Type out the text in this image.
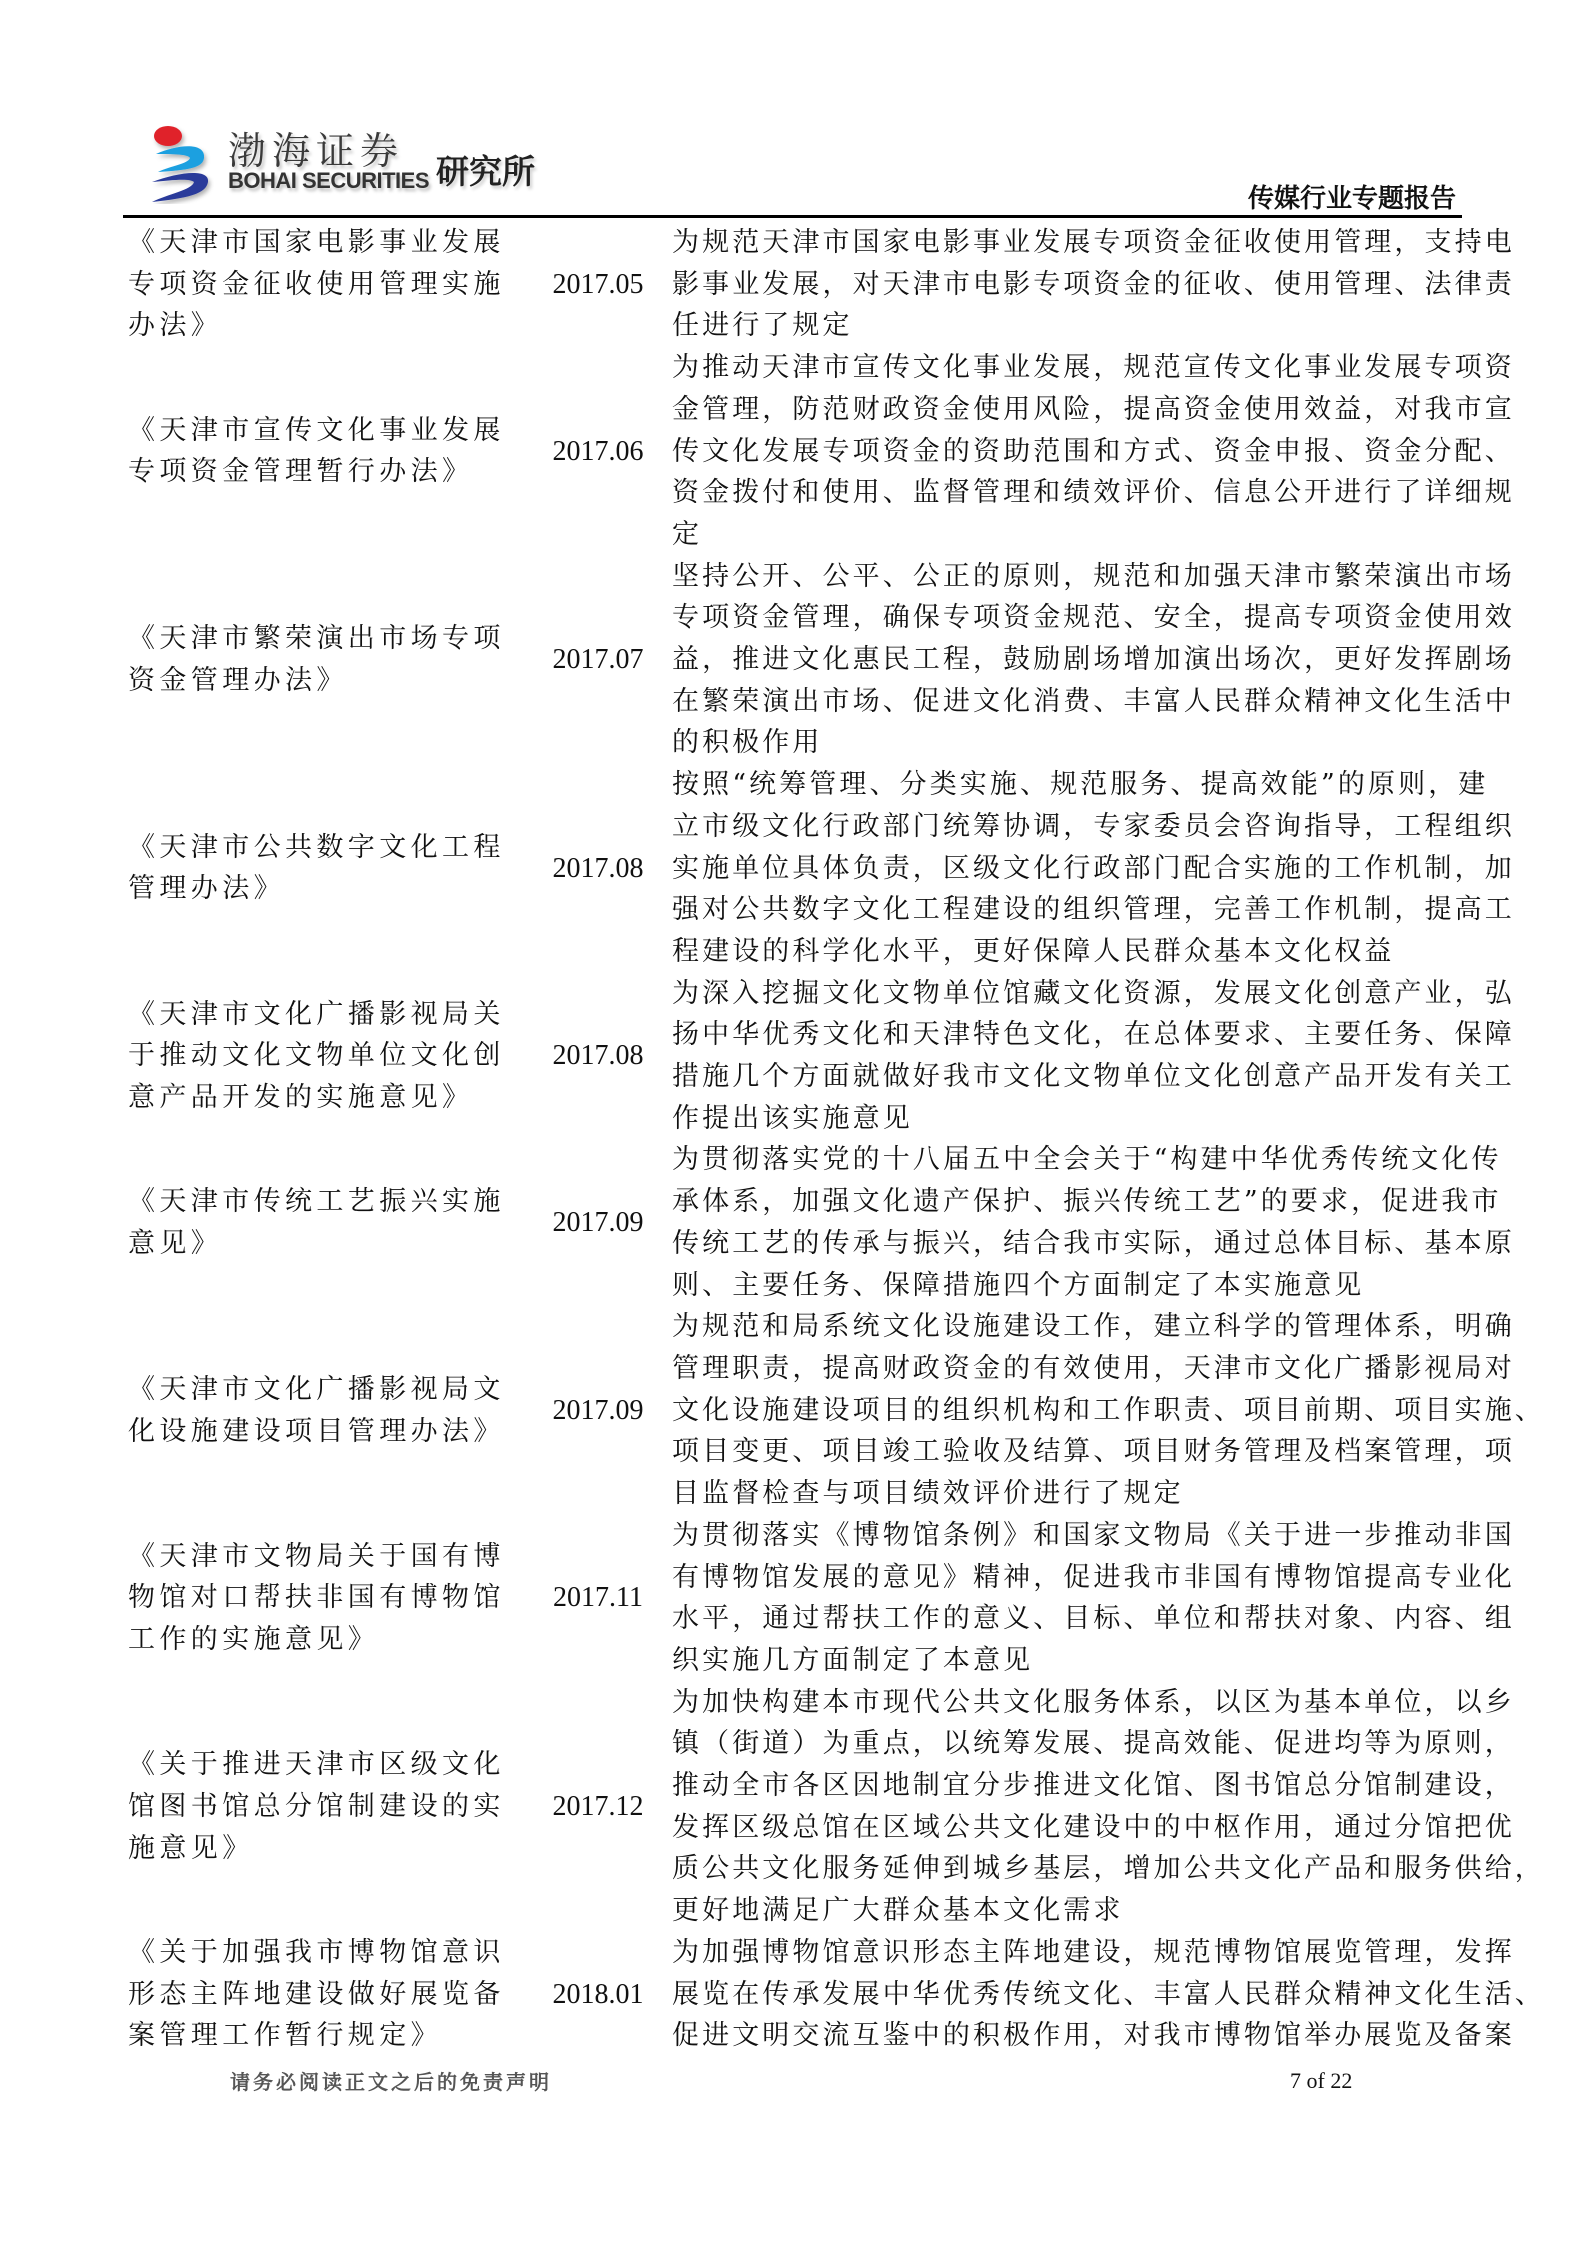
渤海证券
BOHAI SECURITIES 研究所
传媒行业专题报告
《天津市国家电影事业发展
专项资金征收使用管理实施
办法》
2017.05
为规范天津市国家电影事业发展专项资金征收使用管理，支持电
影事业发展，对天津市电影专项资金的征收、使用管理、法律责
任进行了规定
《天津市宣传文化事业发展
专项资金管理暂行办法》
2017.06
为推动天津市宣传文化事业发展，规范宣传文化事业发展专项资
金管理，防范财政资金使用风险，提高资金使用效益，对我市宣
传文化发展专项资金的资助范围和方式、资金申报、资金分配、
资金拨付和使用、监督管理和绩效评价、信息公开进行了详细规
定
《天津市繁荣演出市场专项
资金管理办法》
2017.07
坚持公开、公平、公正的原则，规范和加强天津市繁荣演出市场
专项资金管理，确保专项资金规范、安全，提高专项资金使用效
益，推进文化惠民工程，鼓励剧场增加演出场次，更好发挥剧场
在繁荣演出市场、促进文化消费、丰富人民群众精神文化生活中
的积极作用
《天津市公共数字文化工程
管理办法》
2017.08
按照“统筹管理、分类实施、规范服务、提高效能”的原则，建
立市级文化行政部门统筹协调，专家委员会咨询指导，工程组织
实施单位具体负责，区级文化行政部门配合实施的工作机制，加
强对公共数字文化工程建设的组织管理，完善工作机制，提高工
程建设的科学化水平，更好保障人民群众基本文化权益
《天津市文化广播影视局关
于推动文化文物单位文化创
意产品开发的实施意见》
2017.08
为深入挖掘文化文物单位馆藏文化资源，发展文化创意产业，弘
扬中华优秀文化和天津特色文化，在总体要求、主要任务、保障
措施几个方面就做好我市文化文物单位文化创意产品开发有关工
作提出该实施意见
《天津市传统工艺振兴实施
意见》
2017.09
为贯彻落实党的十八届五中全会关于“构建中华优秀传统文化传
承体系，加强文化遗产保护、振兴传统工艺”的要求，促进我市
传统工艺的传承与振兴，结合我市实际，通过总体目标、基本原
则、主要任务、保障措施四个方面制定了本实施意见
《天津市文化广播影视局文
化设施建设项目管理办法》
2017.09
为规范和局系统文化设施建设工作，建立科学的管理体系，明确
管理职责，提高财政资金的有效使用，天津市文化广播影视局对
文化设施建设项目的组织机构和工作职责、项目前期、项目实施、
项目变更、项目竣工验收及结算、项目财务管理及档案管理，项
目监督检查与项目绩效评价进行了规定
《天津市文物局关于国有博
物馆对口帮扶非国有博物馆
工作的实施意见》
2017.11
为贯彻落实《博物馆条例》和国家文物局《关于进一步推动非国
有博物馆发展的意见》精神，促进我市非国有博物馆提高专业化
水平，通过帮扶工作的意义、目标、单位和帮扶对象、内容、组
织实施几方面制定了本意见
《关于推进天津市区级文化
馆图书馆总分馆制建设的实
施意见》
2017.12
为加快构建本市现代公共文化服务体系，以区为基本单位，以乡
镇（街道）为重点，以统筹发展、提高效能、促进均等为原则，
推动全市各区因地制宜分步推进文化馆、图书馆总分馆制建设，
发挥区级总馆在区域公共文化建设中的中枢作用，通过分馆把优
质公共文化服务延伸到城乡基层，增加公共文化产品和服务供给，
更好地满足广大群众基本文化需求
《关于加强我市博物馆意识
形态主阵地建设做好展览备
案管理工作暂行规定》
2018.01
为加强博物馆意识形态主阵地建设，规范博物馆展览管理，发挥
展览在传承发展中华优秀传统文化、丰富人民群众精神文化生活、
促进文明交流互鉴中的积极作用，对我市博物馆举办展览及备案
请务必阅读正文之后的免责声明	7 of 22
